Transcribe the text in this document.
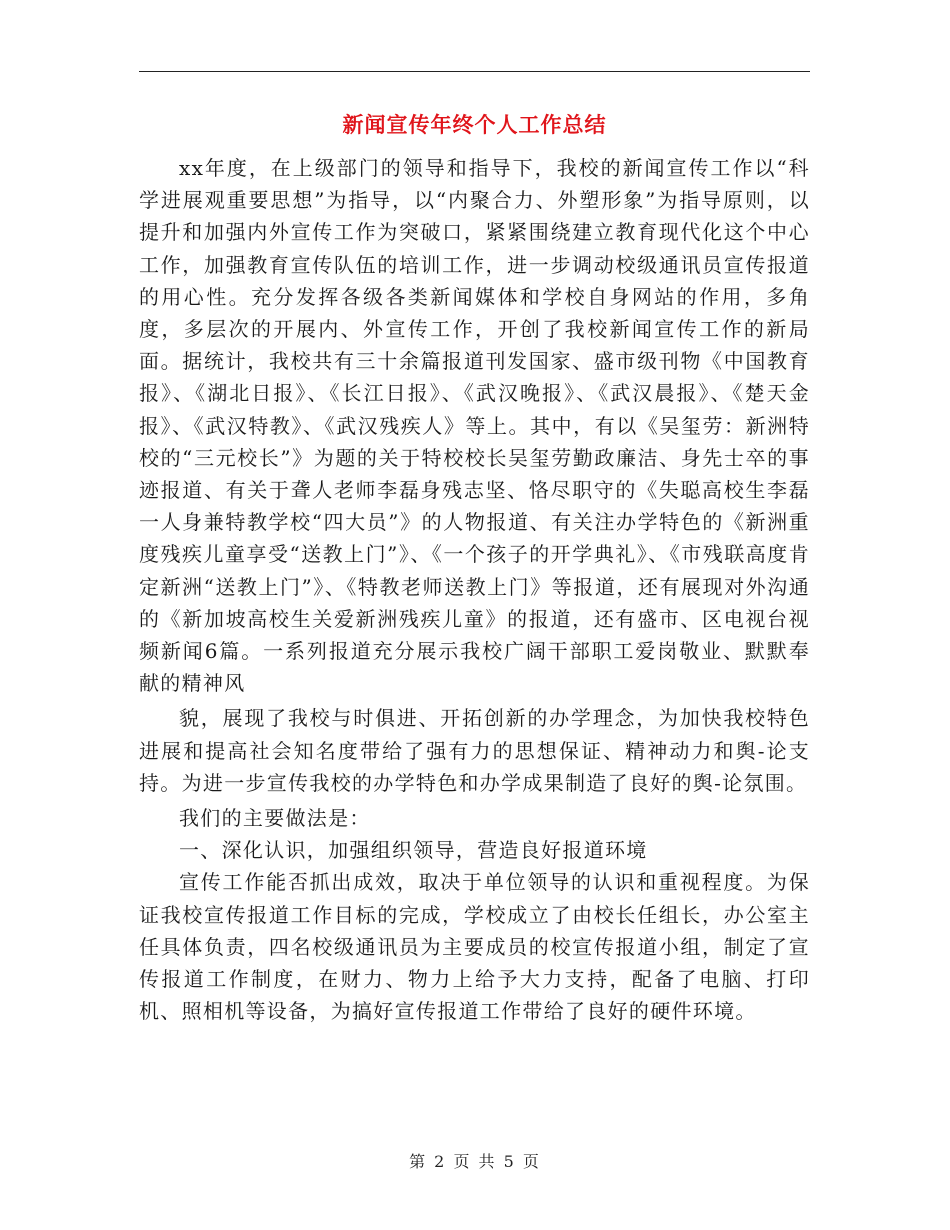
新闻宣传年终个人工作总结

xx年度，在上级部门的领导和指导下，我校的新闻宣传工作以“科学进展观重要思想”为指导，以“内聚合力、外塑形象”为指导原则，以提升和加强内外宣传工作为突破口，紧紧围绕建立教育现代化这个中心工作，加强教育宣传队伍的培训工作，进一步调动校级通讯员宣传报道的用心性。充分发挥各级各类新闻媒体和学校自身网站的作用，多角度，多层次的开展内、外宣传工作，开创了我校新闻宣传工作的新局面。据统计，我校共有三十余篇报道刊发国家、盛市级刊物《中国教育报》、《湖北日报》、《长江日报》、《武汉晚报》、《武汉晨报》、《楚天金报》、《武汉特教》、《武汉残疾人》等上。其中，有以《吴玺劳：新洲特校的“三元校长”》为题的关于特校校长吴玺劳勤政廉洁、身先士卒的事迹报道、有关于聋人老师李磊身残志坚、恪尽职守的《失聪高校生李磊一人身兼特教学校“四大员”》的人物报道、有关注办学特色的《新洲重度残疾儿童享受“送教上门”》、《一个孩子的开学典礼》、《市残联高度肯定新洲“送教上门”》、《特教老师送教上门》等报道，还有展现对外沟通的《新加坡高校生关爱新洲残疾儿童》的报道，还有盛市、区电视台视频新闻6篇。一系列报道充分展示我校广阔干部职工爱岗敬业、默默奉献的精神风

貌，展现了我校与时俱进、开拓创新的办学理念，为加快我校特色进展和提高社会知名度带给了强有力的思想保证、精神动力和舆-论支持。为进一步宣传我校的办学特色和办学成果制造了良好的舆-论氛围。

我们的主要做法是：

一、深化认识，加强组织领导，营造良好报道环境

宣传工作能否抓出成效，取决于单位领导的认识和重视程度。为保证我校宣传报道工作目标的完成，学校成立了由校长任组长，办公室主任具体负责，四名校级通讯员为主要成员的校宣传报道小组，制定了宣传报道工作制度，在财力、物力上给予大力支持，配备了电脑、打印机、照相机等设备，为搞好宣传报道工作带给了良好的硬件环境。

第 2 页 共 5 页
